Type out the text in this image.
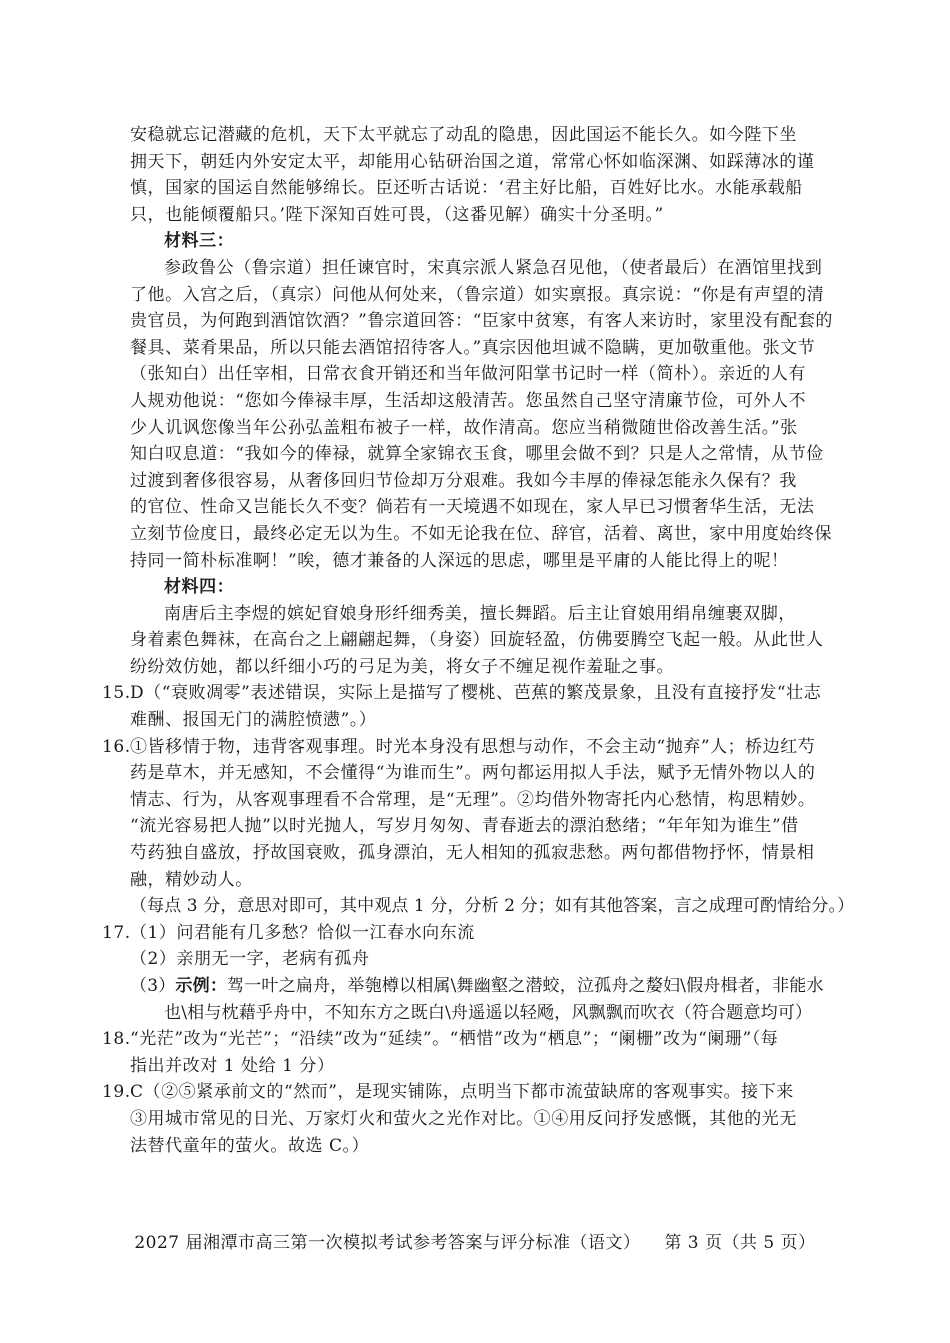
安稳就忘记潜藏的危机，天下太平就忘了动乱的隐患，因此国运不能长久。如今陛下坐
拥天下，朝廷内外安定太平，却能用心钻研治国之道，常常心怀如临深渊、如踩薄冰的谨
慎，国家的国运自然能够绵长。臣还听古话说：‘君主好比船，百姓好比水。水能承载船
只，也能倾覆船只。’陛下深知百姓可畏，（这番见解）确实十分圣明。”
材料三：
参政鲁公（鲁宗道）担任谏官时，宋真宗派人紧急召见他，（使者最后）在酒馆里找到
了他。入宫之后，（真宗）问他从何处来，（鲁宗道）如实禀报。真宗说：“你是有声望的清
贵官员，为何跑到酒馆饮酒？”鲁宗道回答：“臣家中贫寒，有客人来访时，家里没有配套的
餐具、菜肴果品，所以只能去酒馆招待客人。”真宗因他坦诚不隐瞒，更加敬重他。张文节
（张知白）出任宰相，日常衣食开销还和当年做河阳掌书记时一样（简朴）。亲近的人有
人规劝他说：“您如今俸禄丰厚，生活却这般清苦。您虽然自己坚守清廉节俭，可外人不
少人讥讽您像当年公孙弘盖粗布被子一样，故作清高。您应当稍微随世俗改善生活。”张
知白叹息道：“我如今的俸禄，就算全家锦衣玉食，哪里会做不到？只是人之常情，从节俭
过渡到奢侈很容易，从奢侈回归节俭却万分艰难。我如今丰厚的俸禄怎能永久保有？我
的官位、性命又岂能长久不变？倘若有一天境遇不如现在，家人早已习惯奢华生活，无法
立刻节俭度日，最终必定无以为生。不如无论我在位、辞官，活着、离世，家中用度始终保
持同一简朴标准啊！”唉，德才兼备的人深远的思虑，哪里是平庸的人能比得上的呢！
材料四：
南唐后主李煜的嫔妃窅娘身形纤细秀美，擅长舞蹈。后主让窅娘用绢帛缠裹双脚，
身着素色舞袜，在高台之上翩翩起舞，（身姿）回旋轻盈，仿佛要腾空飞起一般。从此世人
纷纷效仿她，都以纤细小巧的弓足为美，将女子不缠足视作羞耻之事。
15. D（“衰败凋零”表述错误，实际上是描写了樱桃、芭蕉的繁茂景象，且没有直接抒发“壮志
难酬、报国无门的满腔愤懑”。）
16. ①皆移情于物，违背客观事理。时光本身没有思想与动作，不会主动“抛弃”人；桥边红芍
药是草木，并无感知，不会懂得“为谁而生”。两句都运用拟人手法，赋予无情外物以人的
情志、行为，从客观事理看不合常理，是“无理”。②均借外物寄托内心愁情，构思精妙。
“流光容易把人抛”以时光抛人，写岁月匆匆、青春逝去的漂泊愁绪；“年年知为谁生”借
芍药独自盛放，抒故国衰败，孤身漂泊，无人相知的孤寂悲愁。两句都借物抒怀，情景相
融，精妙动人。
（每点 3 分，意思对即可，其中观点 1 分，分析 2 分；如有其他答案，言之成理可酌情给分。）
17. （1）问君能有几多愁？恰似一江春水向东流
（2）亲朋无一字，老病有孤舟
（3）示例：驾一叶之扁舟，举匏樽以相属\舞幽壑之潜蛟，泣孤舟之嫠妇\假舟楫者，非能水
也\相与枕藉乎舟中，不知东方之既白\舟遥遥以轻飏，风飘飘而吹衣（符合题意均可）
18. “光茫”改为“光芒”；“沿续”改为“延续”。“栖惜”改为“栖息”；“阑栅”改为“阑珊”（每
指出并改对 1 处给 1 分）
19. C（②⑤紧承前文的“然而”，是现实铺陈，点明当下都市流萤缺席的客观事实。接下来
③用城市常见的日光、万家灯火和萤火之光作对比。①④用反问抒发感慨，其他的光无
法替代童年的萤火。故选 C。）
2027 届湘潭市高三第一次模拟考试参考答案与评分标准（语文） 第 3 页（共 5 页）
